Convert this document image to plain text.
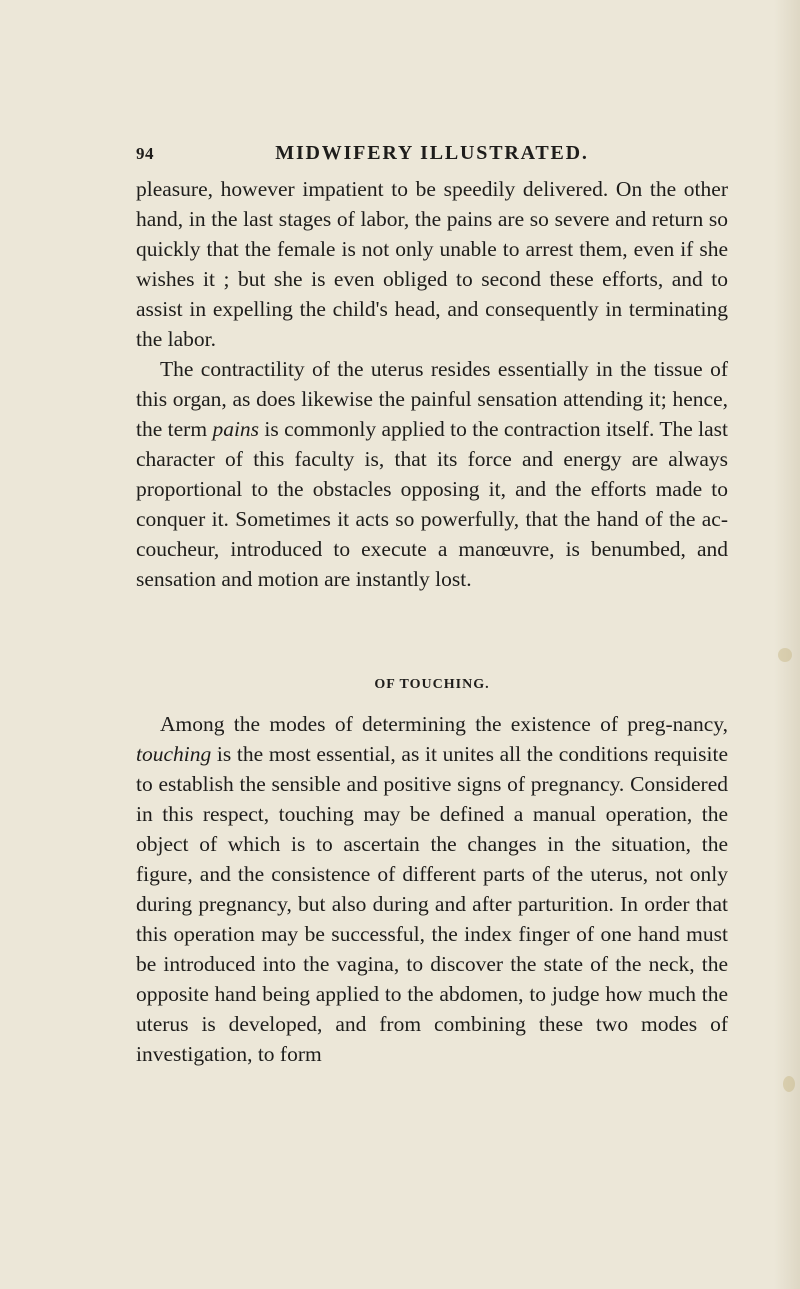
94	MIDWIFERY ILLUSTRATED.

pleasure, however impatient to be speedily delivered. On the other hand, in the last stages of labor, the pains are so severe and return so quickly that the female is not only unable to arrest them, even if she wishes it ; but she is even obliged to second these efforts, and to assist in expelling the child's head, and consequently in terminating the labor.

The contractility of the uterus resides essentially in the tissue of this organ, as does likewise the painful sensation attending it; hence, the term pains is commonly applied to the contraction itself. The last character of this faculty is, that its force and energy are always proportional to the obstacles opposing it, and the efforts made to conquer it. Sometimes it acts so powerfully, that the hand of the ac-coucheur, introduced to execute a manœuvre, is benumbed, and sensation and motion are instantly lost.

OF TOUCHING.

Among the modes of determining the existence of preg-nancy, touching is the most essential, as it unites all the conditions requisite to establish the sensible and positive signs of pregnancy. Considered in this respect, touching may be defined a manual operation, the object of which is to ascertain the changes in the situation, the figure, and the consistence of different parts of the uterus, not only during pregnancy, but also during and after parturition. In order that this operation may be successful, the index finger of one hand must be introduced into the vagina, to discover the state of the neck, the opposite hand being applied to the abdomen, to judge how much the uterus is developed, and from combining these two modes of investigation, to form
